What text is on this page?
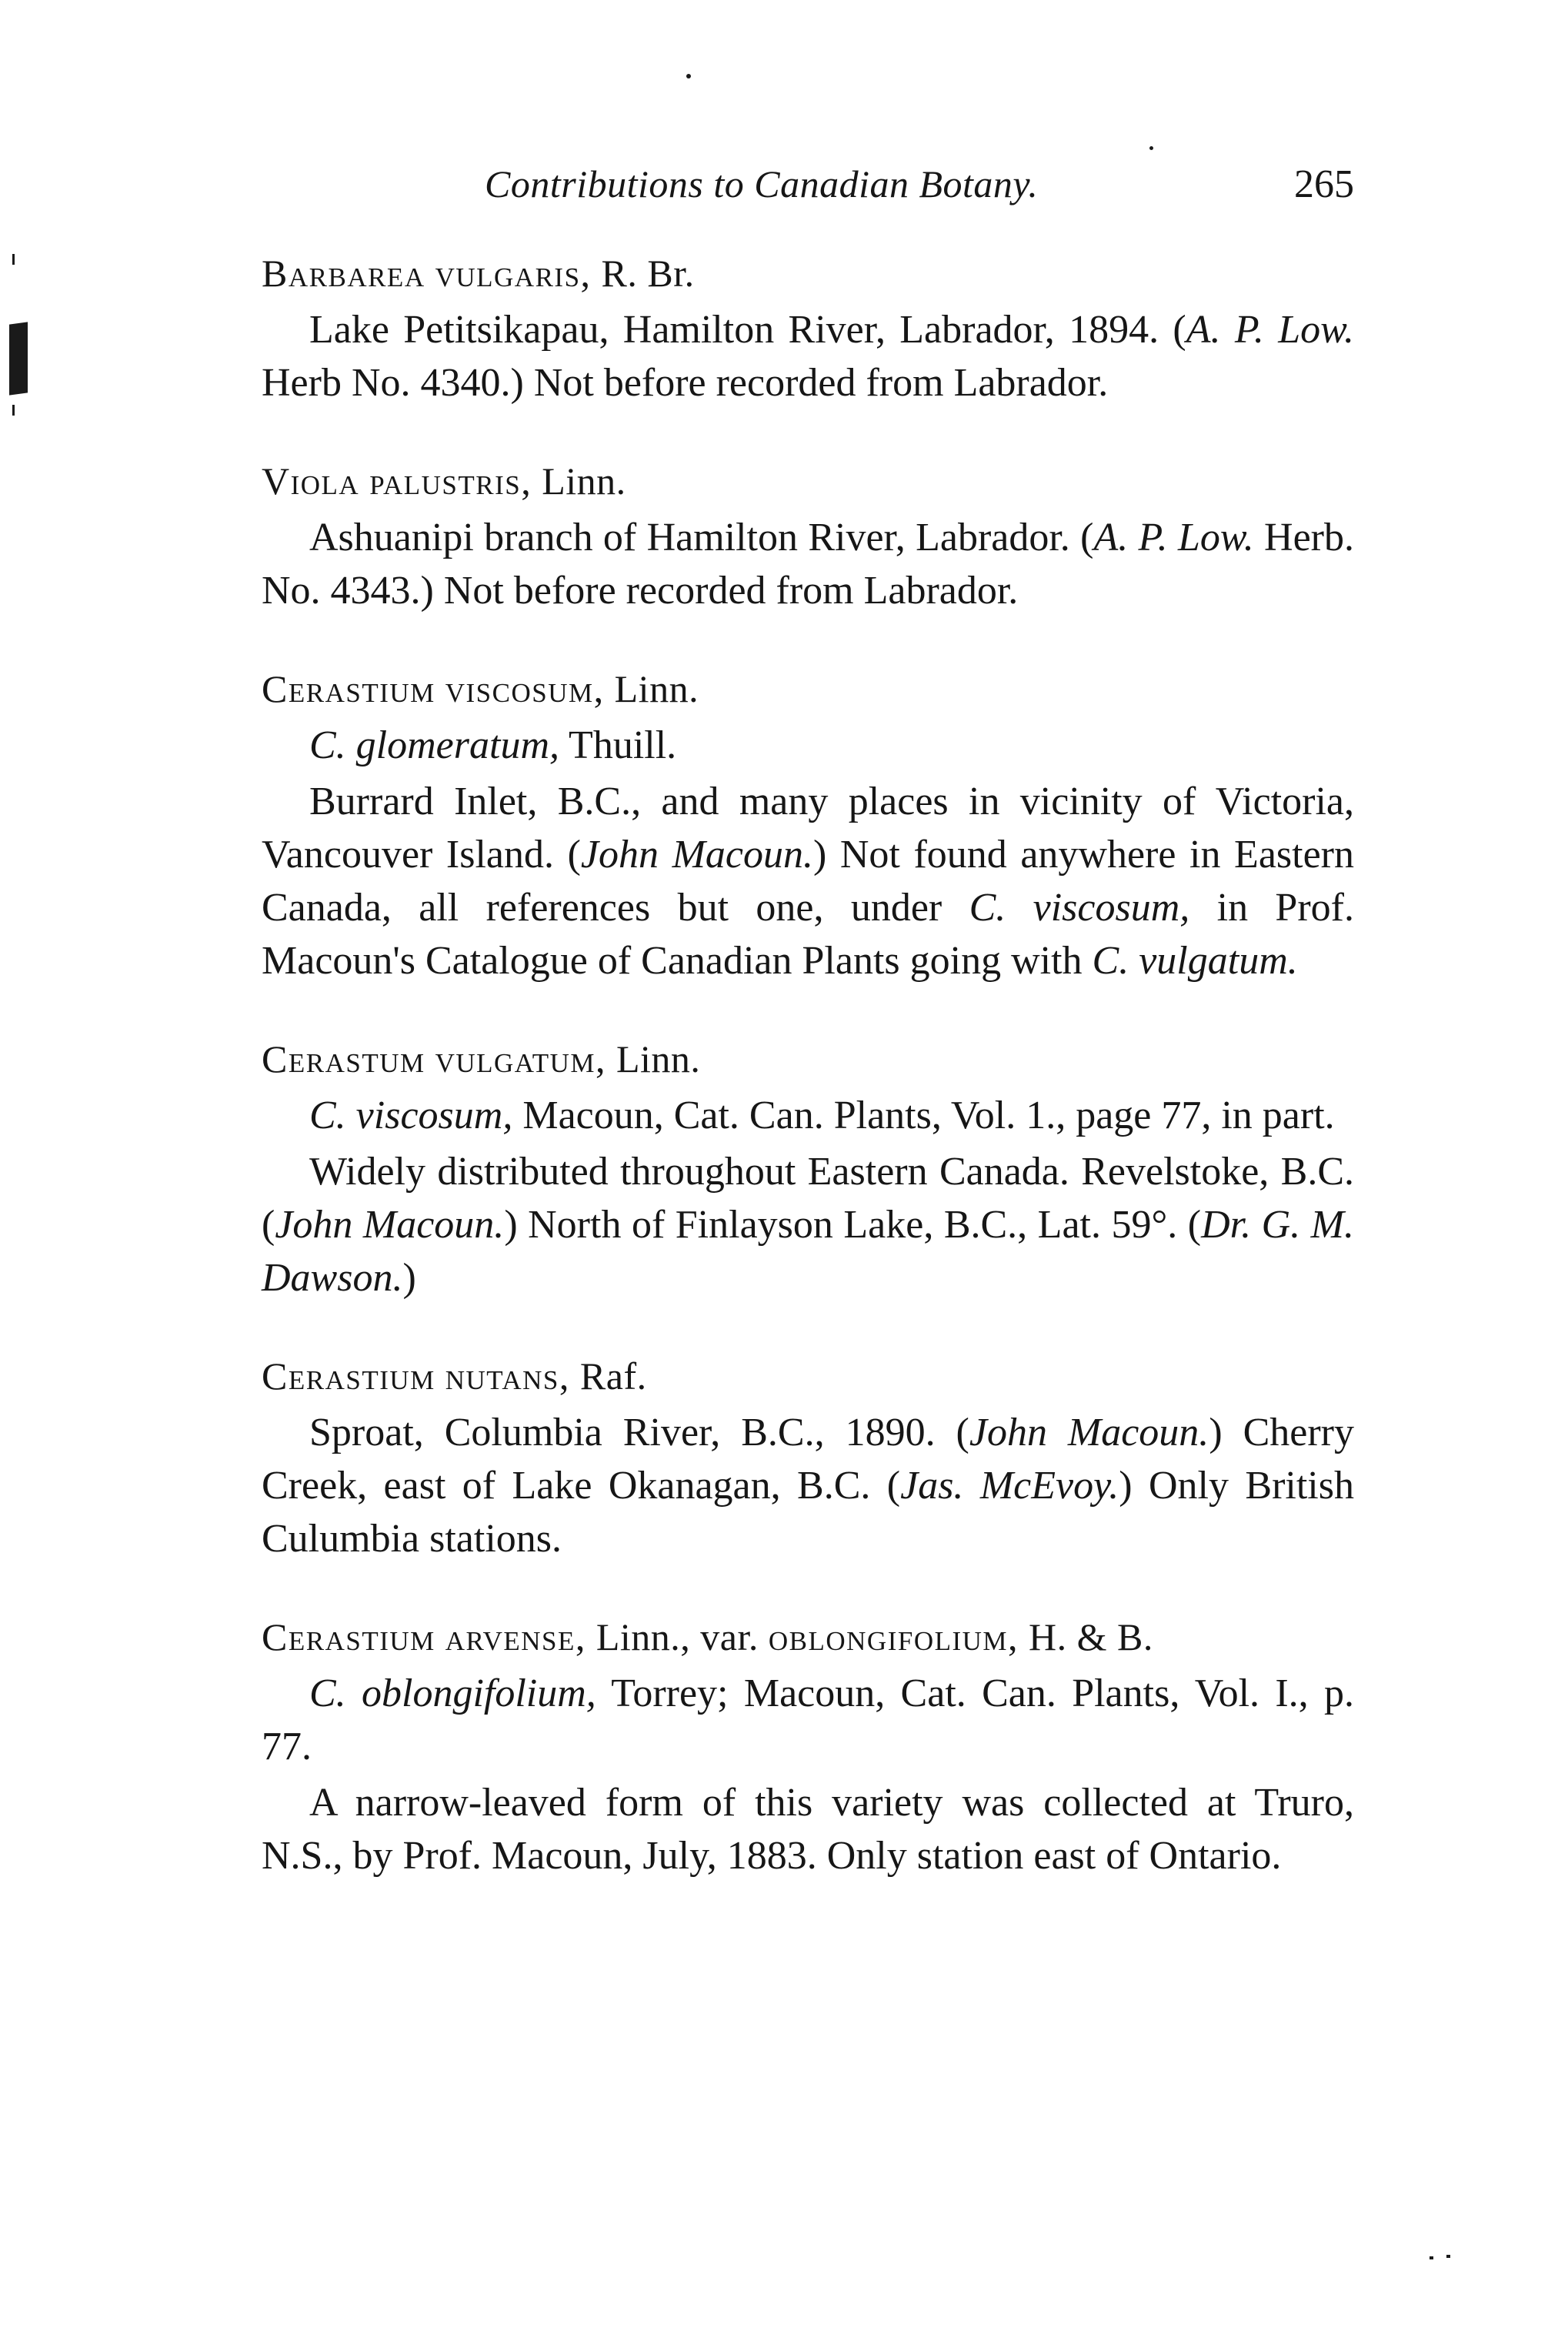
Contributions to Canadian Botany.	265
Barbarea vulgaris, R. Br.

Lake Petitsikapau, Hamilton River, Labrador, 1894. (A. P. Low. Herb No. 4340.) Not before recorded from Labrador.

Viola palustris, Linn.

Ashuanipi branch of Hamilton River, Labrador. (A. P. Low. Herb. No. 4343.) Not before recorded from Labrador.

Cerastium viscosum, Linn.

C. glomeratum, Thuill.

Burrard Inlet, B.C., and many places in vicinity of Victoria, Vancouver Island. (John Macoun.) Not found anywhere in Eastern Canada, all references but one, under C. viscosum, in Prof. Macoun's Catalogue of Canadian Plants going with C. vulgatum.

Cerastum vulgatum, Linn.

C. viscosum, Macoun, Cat. Can. Plants, Vol. 1., page 77, in part.

Widely distributed throughout Eastern Canada. Revelstoke, B.C. (John Macoun.) North of Finlayson Lake, B.C., Lat. 59°. (Dr. G. M. Dawson.)

Cerastium nutans, Raf.

Sproat, Columbia River, B.C., 1890. (John Macoun.) Cherry Creek, east of Lake Okanagan, B.C. (Jas. McEvoy.) Only British Culumbia stations.

Cerastium arvense, Linn., var. oblongifolium, H. & B.

C. oblongifolium, Torrey; Macoun, Cat. Can. Plants, Vol. I., p. 77.

A narrow-leaved form of this variety was collected at Truro, N.S., by Prof. Macoun, July, 1883. Only station east of Ontario.
